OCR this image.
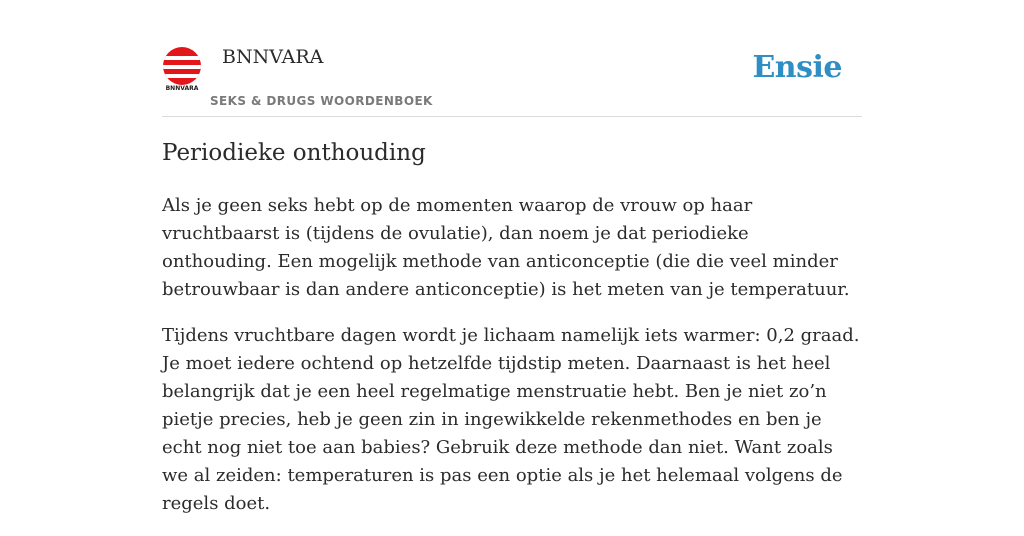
BNNVARA
BNNVARA
SEKS & DRUGS WOORDENBOEK
Ensie
Periodieke onthouding

Als je geen seks hebt op de momenten waarop de vrouw op haar vruchtbaarst is (tijdens de ovulatie), dan noem je dat periodieke onthouding. Een mogelijk methode van anticonceptie (die die veel minder betrouwbaar is dan andere anticonceptie) is het meten van je temperatuur.

Tijdens vruchtbare dagen wordt je lichaam namelijk iets warmer: 0,2 graad. Je moet iedere ochtend op hetzelfde tijdstip meten. Daarnaast is het heel belangrijk dat je een heel regelmatige menstruatie hebt. Ben je niet zo’n pietje precies, heb je geen zin in ingewikkelde rekenmethodes en ben je echt nog niet toe aan babies? Gebruik deze methode dan niet. Want zoals we al zeiden: temperaturen is pas een optie als je het helemaal volgens de regels doet.
